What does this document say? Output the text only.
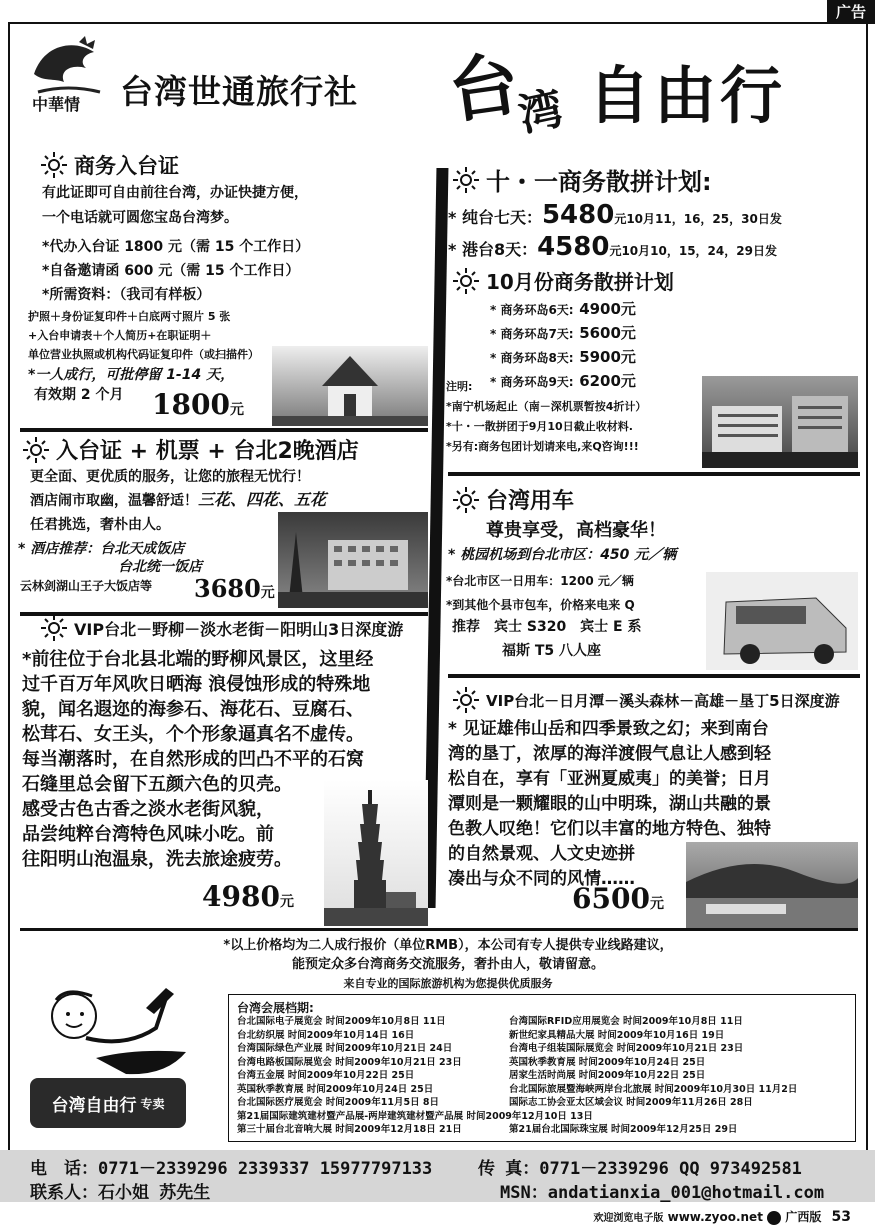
广告
中華情 台湾世通旅行社 台
湾 自由行
商务入台证
有此证即可自由前往台湾，办证快捷方便，
一个电话就可圆您宝岛台湾梦。
*代办入台证 1800 元（需 15 个工作日）
*自备邀请函 600 元（需 15 个工作日）
*所需资料：（我司有样板）
护照＋身份证复印件＋白底两寸照片 5 张
+入台申请表＋个人简历+在职证明＋
单位营业执照或机构代码证复印件（或扫描件）
*一人成行，可批停留 1-14 天，
有效期 2 个月 1800元
入台证 + 机票 + 台北2晚酒店
更全面、更优质的服务，让您的旅程无忧行！
酒店闹市取幽，温馨舒适！三花、四花、五花
任君挑选，奢朴由人。
* 酒店推荐：台北天成饭店
台北统一饭店
云林剑湖山王子大饭店等 3680元
VIP台北－野柳－淡水老街－阳明山3日深度游
*前往位于台北县北端的野柳风景区，这里经
过千百万年风吹日晒海 浪侵蚀形成的特殊地
貌，闻名遐迩的海参石、海花石、豆腐石、
松茸石、女王头，个个形象逼真名不虚传。
每当潮落时，在自然形成的凹凸不平的石窝
石缝里总会留下五颜六色的贝壳。
感受古色古香之淡水老街风貌，
品尝纯粹台湾特色风味小吃。前
往阳明山泡温泉，洗去旅途疲劳。
4980元
十・一商务散拼计划:
* 纯台七天：5480元10月11，16，25，30日发
* 港台8天：4580元10月10，15，24，29日发
10月份商务散拼计划
* 商务环岛6天: 4900元
* 商务环岛7天: 5600元
* 商务环岛8天: 5900元
* 商务环岛9天: 6200元
注明:
*南宁机场起止（南－深机票暂按4折计）
*十・一散拼团于9月10日截止收材料.
*另有:商务包团计划请来电,来Q咨询!!!
台湾用车
尊贵享受，高档豪华！
* 桃园机场到台北市区：450 元／辆
*台北市区一日用车：1200 元／辆
*到其他个县市包车，价格来电来 Q
推荐　宾士 S320　宾士 E 系
福斯 T5 八人座
VIP台北－日月潭－溪头森林－高雄－垦丁5日深度游
* 见证雄伟山岳和四季景致之幻；来到南台
湾的垦丁，浓厚的海洋渡假气息让人感到轻
松自在，享有「亚洲夏威夷」的美誉；日月
潭则是一颗耀眼的山中明珠，湖山共融的景
色教人叹绝！它们以丰富的地方特色、独特
的自然景观、人文史迹拼
凑出与众不同的风情……
6500元
*以上价格均为二人成行报价（单位RMB），本公司有专人提供专业线路建议，
能预定众多台湾商务交流服务，奢扑由人，敬请留意。
来自专业的国际旅游机构为您提供优质服务
台湾自由行 专卖
台湾会展档期:
台北国际电子展览会 时间2009年10月8日 11日
台北纺织展 时间2009年10月14日 16日
台湾国际绿色产业展 时间2009年10月21日 24日
台湾电路板国际展览会 时间2009年10月21日 23日
台湾五金展 时间2009年10月22日 25日
英国秋季教育展 时间2009年10月24日 25日
台北国际医疗展览会 时间2009年11月5日 8日
第21届国际建筑建材暨产品展-两岸建筑建材暨产品展 时间2009年12月10日 13日
第三十届台北音响大展 时间2009年12月18日 21日
台湾国际RFID应用展览会 时间2009年10月8日 11日
新世纪家具精品大展 时间2009年10月16日 19日
台湾电子组装国际展览会 时间2009年10月21日 23日
英国秋季教育展 时间2009年10月24日 25日
居家生活时尚展 时间2009年10月22日 25日
台北国际旅展暨海峡两岸台北旅展 时间2009年10月30日 11月2日
国际志工协会亚太区域会议 时间2009年11月26日 28日
第21届台北国际珠宝展 时间2009年12月25日 29日
电　话：0771－2339296 2339337 15977797133	传 真：0771－2339296 QQ 973492581
联系人：石小姐 苏先生	MSN：andatianxia_001@hotmail.com
欢迎浏览电子版 www.zyoo.net 广西版 53
